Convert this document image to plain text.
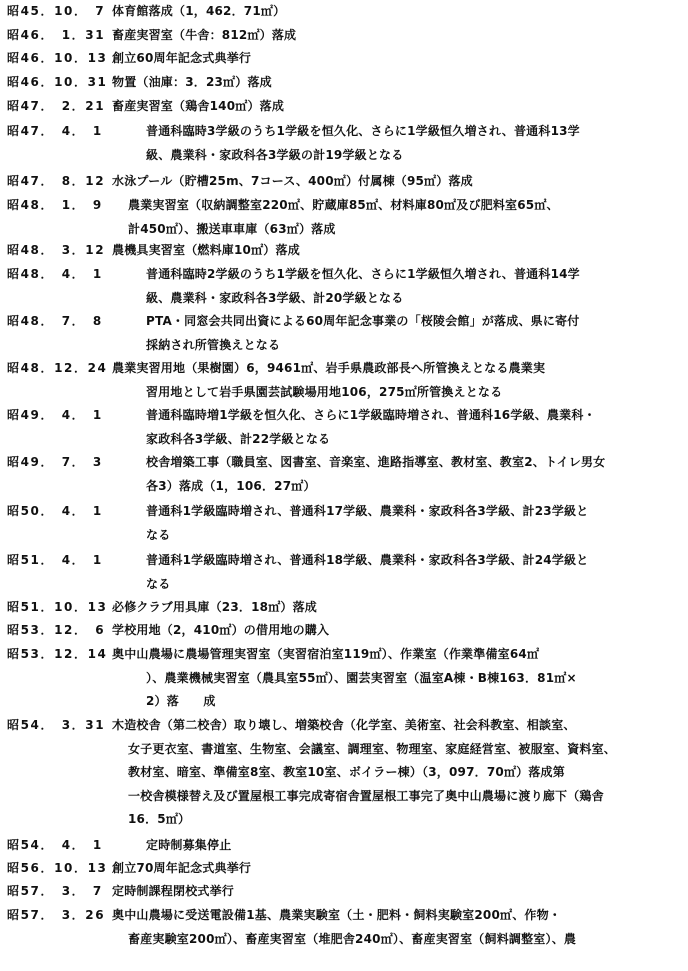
昭45．10．　7 体育館落成（1，462．71㎡）
昭46．　1．31 畜産実習室（牛舎：812㎡）落成
昭46．10．13 創立60周年記念式典挙行
昭46．10．31 物置（油庫：3．23㎡）落成
昭47．　2．21 畜産実習室（鶏舎140㎡）落成
昭47．　4．　1	普通科臨時3学級のうち1学級を恒久化、さらに1学級恒久増され、普通科13学
級、農業科・家政科各3学級の計19学級となる
昭47．　8．12 水泳プール（貯槽25m、7コース、400㎡）付属棟（95㎡）落成
昭48．　1．　9 農業実習室（収納調整室220㎡、貯蔵庫85㎡、材料庫80㎡及び肥料室65㎡、
計450㎡）、搬送車車庫（63㎡）落成
昭48．　3．12 農機具実習室（燃料庫10㎡）落成
昭48．　4．　1	普通科臨時2学級のうち1学級を恒久化、さらに1学級恒久増され、普通科14学
級、農業科・家政科各3学級、計20学級となる
昭48．　7．　8	PTA・同窓会共同出資による60周年記念事業の「桜陵会館」が落成、県に寄付
採納され所管換えとなる
昭48．12．24 農業実習用地（果樹園）6，9461㎡、岩手県農政部長へ所管換えとなる農業実
習用地として岩手県園芸試験場用地106，275㎡所管換えとなる
昭49．　4．　1	普通科臨時増1学級を恒久化、さらに1学級臨時増され、普通科16学級、農業科・
家政科各3学級、計22学級となる
昭49．　7．　3	校舎増築工事（職員室、図書室、音楽室、進路指導室、教材室、教室2、トイレ男女
各3）落成（1，106．27㎡）
昭50．　4．　1	普通科1学級臨時増され、普通科17学級、農業科・家政科各3学級、計23学級と
なる
昭51．　4．　1	普通科1学級臨時増され、普通科18学級、農業科・家政科各3学級、計24学級と
なる
昭51．10．13 必修クラブ用具庫（23．18㎡）落成
昭53．12．　6 学校用地（2，410㎡）の借用地の購入
昭53．12．14 奥中山農場に農場管理実習室（実習宿泊室119㎡）、作業室（作業準備室64㎡
）、農業機械実習室（農具室55㎡）、園芸実習室（温室A棟・B棟163．81㎡×
2）落　　成
昭54．　3．31 木造校舎（第二校舎）取り壊し、増築校舎（化学室、美術室、社会科教室、相談室、
女子更衣室、書道室、生物室、会議室、調理室、物理室、家庭経営室、被服室、資料室、
教材室、暗室、準備室8室、教室10室、ボイラー棟）（3，097．70㎡）落成第
一校舎模様替え及び置屋根工事完成寄宿舎置屋根工事完了奥中山農場に渡り廊下（鶏舎
16．5㎡）
昭54．　4．　1	定時制募集停止
昭56．10．13 創立70周年記念式典挙行
昭57．　3．　7 定時制課程閉校式挙行
昭57．　3．26 奥中山農場に受送電設備1基、農業実験室（土・肥料・飼料実験室200㎡、作物・
畜産実験室200㎡）、畜産実習室（堆肥舎240㎡）、畜産実習室（飼料調整室）、農
